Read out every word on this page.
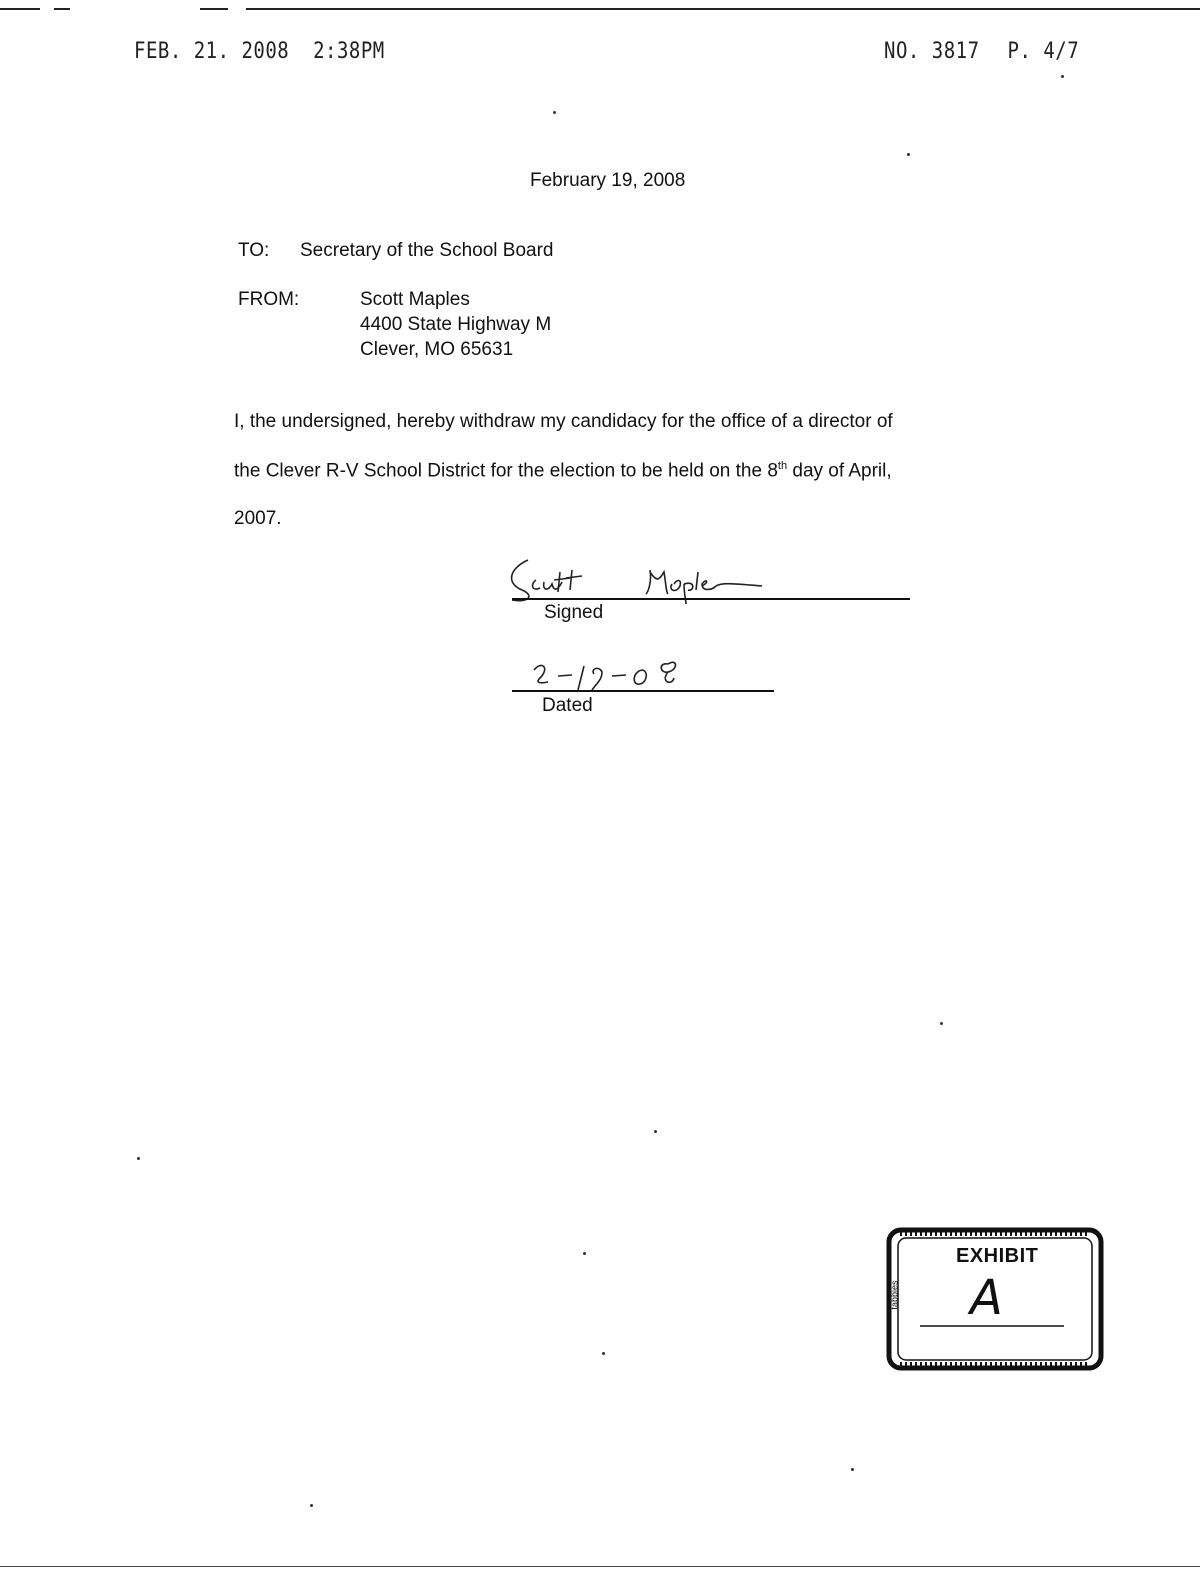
FEB. 21. 2008 2:38PM	NO. 3817 P. 4/7
February 19, 2008
TO: Secretary of the School Board
FROM:	Scott Maples
4400 State Highway M
Clever, MO 65631
I, the undersigned, hereby withdraw my candidacy for the office of a director of
the Clever R-V School District for the election to be held on the 8th day of April,
2007.
Signed
Dated
tabbies
EXHIBIT
A
